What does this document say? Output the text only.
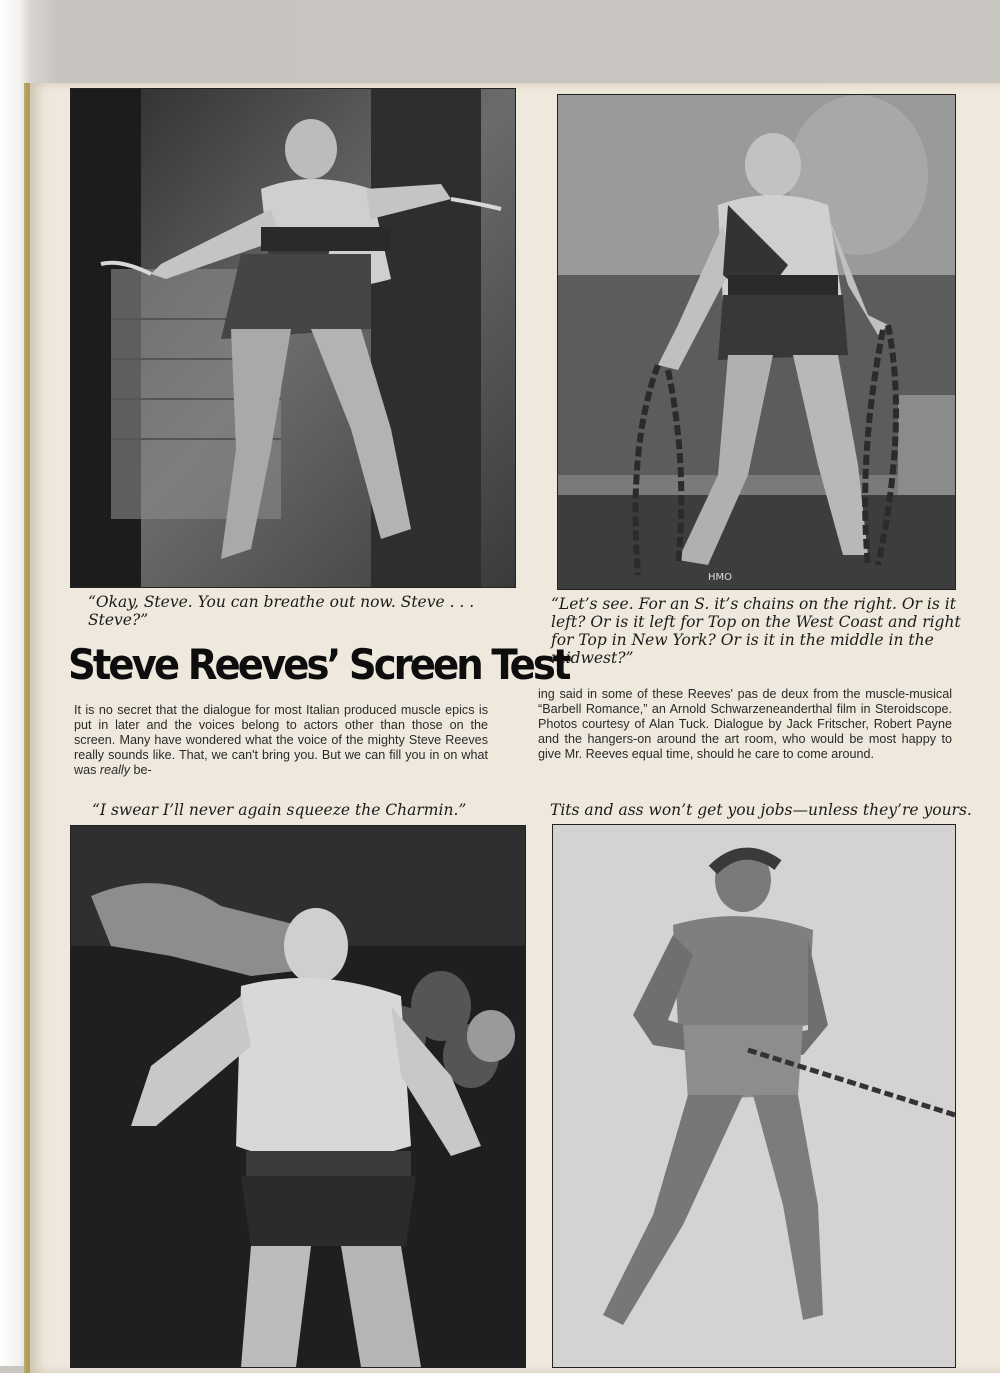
HMO
“Okay, Steve. You can breathe out now. Steve . . . Steve?”
“Let’s see. For an S. it’s chains on the right. Or is it left? Or is it left for Top on the West Coast and right for Top in New York? Or is it in the middle in the midwest?”
Steve Reeves’ Screen Test
It is no secret that the dialogue for most Italian produced muscle epics is put in later and the voices belong to actors other than those on the screen. Many have wondered what the voice of the mighty Steve Reeves really sounds like. That, we can't bring you. But we can fill you in on what was really be-
ing said in some of these Reeves' pas de deux from the muscle-musical “Barbell Romance,” an Arnold Schwarzeneanderthal film in Steroidscope. Photos courtesy of Alan Tuck. Dialogue by Jack Fritscher, Robert Payne and the hangers-on around the art room, who would be most happy to give Mr. Reeves equal time, should he care to come around.
“I swear I’ll never again squeeze the Charmin.”	Tits and ass won’t get you jobs—unless they’re yours.
